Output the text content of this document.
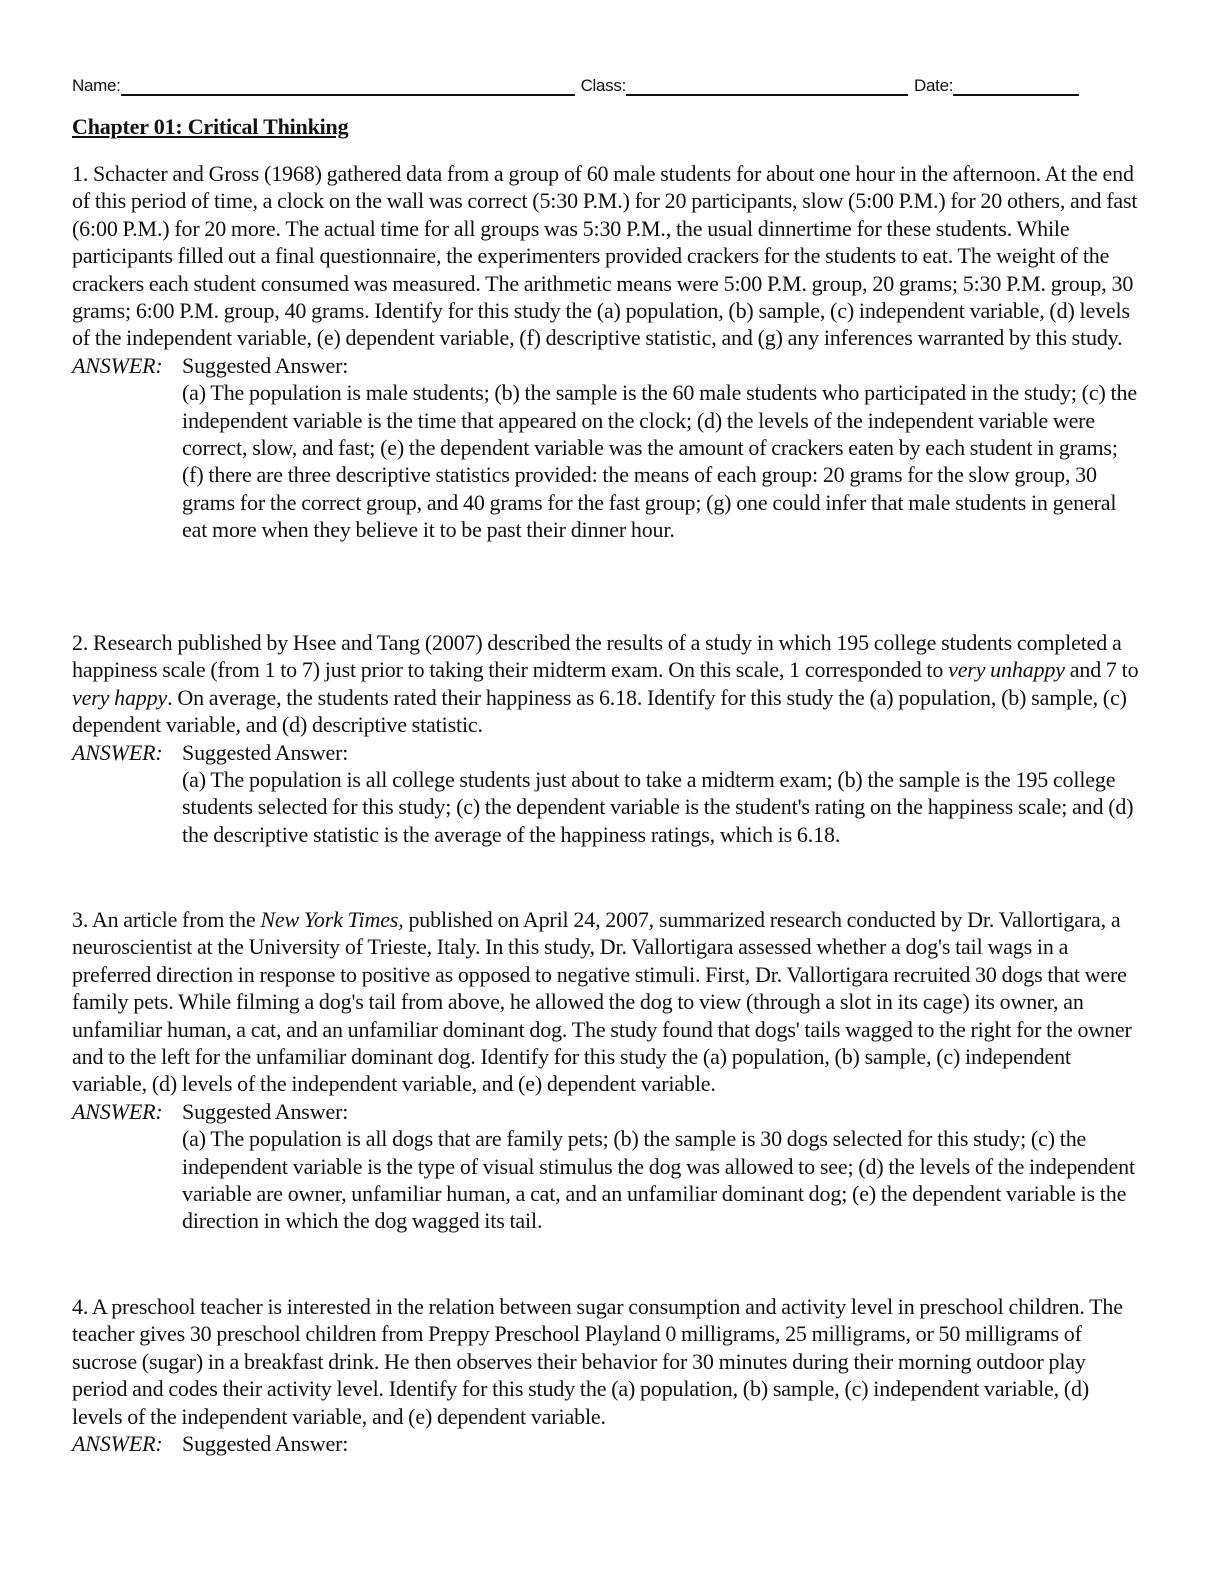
Name:	Class:	Date:
Chapter 01: Critical Thinking

1. Schacter and Gross (1968) gathered data from a group of 60 male students for about one hour in the afternoon. At the end of this period of time, a clock on the wall was correct (5:30 P.M.) for 20 participants, slow (5:00 P.M.) for 20 others, and fast (6:00 P.M.) for 20 more. The actual time for all groups was 5:30 P.M., the usual dinnertime for these students. While participants filled out a final questionnaire, the experimenters provided crackers for the students to eat. The weight of the crackers each student consumed was measured. The arithmetic means were 5:00 P.M. group, 20 grams; 5:30 P.M. group, 30 grams; 6:00 P.M. group, 40 grams. Identify for this study the (a) population, (b) sample, (c) independent variable, (d) levels of the independent variable, (e) dependent variable, (f) descriptive statistic, and (g) any inferences warranted by this study.

ANSWER: Suggested Answer:

(a) The population is male students; (b) the sample is the 60 male students who participated in the study; (c) the independent variable is the time that appeared on the clock; (d) the levels of the independent variable were correct, slow, and fast; (e) the dependent variable was the amount of crackers eaten by each student in grams; (f) there are three descriptive statistics provided: the means of each group: 20 grams for the slow group, 30 grams for the correct group, and 40 grams for the fast group; (g) one could infer that male students in general eat more when they believe it to be past their dinner hour.

2. Research published by Hsee and Tang (2007) described the results of a study in which 195 college students completed a happiness scale (from 1 to 7) just prior to taking their midterm exam. On this scale, 1 corresponded to very unhappy and 7 to very happy. On average, the students rated their happiness as 6.18. Identify for this study the (a) population, (b) sample, (c) dependent variable, and (d) descriptive statistic.

ANSWER: Suggested Answer:

(a) The population is all college students just about to take a midterm exam; (b) the sample is the 195 college students selected for this study; (c) the dependent variable is the student's rating on the happiness scale; and (d) the descriptive statistic is the average of the happiness ratings, which is 6.18.

3. An article from the New York Times, published on April 24, 2007, summarized research conducted by Dr. Vallortigara, a neuroscientist at the University of Trieste, Italy. In this study, Dr. Vallortigara assessed whether a dog's tail wags in a preferred direction in response to positive as opposed to negative stimuli. First, Dr. Vallortigara recruited 30 dogs that were family pets. While filming a dog's tail from above, he allowed the dog to view (through a slot in its cage) its owner, an unfamiliar human, a cat, and an unfamiliar dominant dog. The study found that dogs' tails wagged to the right for the owner and to the left for the unfamiliar dominant dog. Identify for this study the (a) population, (b) sample, (c) independent variable, (d) levels of the independent variable, and (e) dependent variable.

ANSWER: Suggested Answer:

(a) The population is all dogs that are family pets; (b) the sample is 30 dogs selected for this study; (c) the independent variable is the type of visual stimulus the dog was allowed to see; (d) the levels of the independent variable are owner, unfamiliar human, a cat, and an unfamiliar dominant dog; (e) the dependent variable is the direction in which the dog wagged its tail.

4. A preschool teacher is interested in the relation between sugar consumption and activity level in preschool children. The teacher gives 30 preschool children from Preppy Preschool Playland 0 milligrams, 25 milligrams, or 50 milligrams of sucrose (sugar) in a breakfast drink. He then observes their behavior for 30 minutes during their morning outdoor play period and codes their activity level. Identify for this study the (a) population, (b) sample, (c) independent variable, (d) levels of the independent variable, and (e) dependent variable.

ANSWER: Suggested Answer:
